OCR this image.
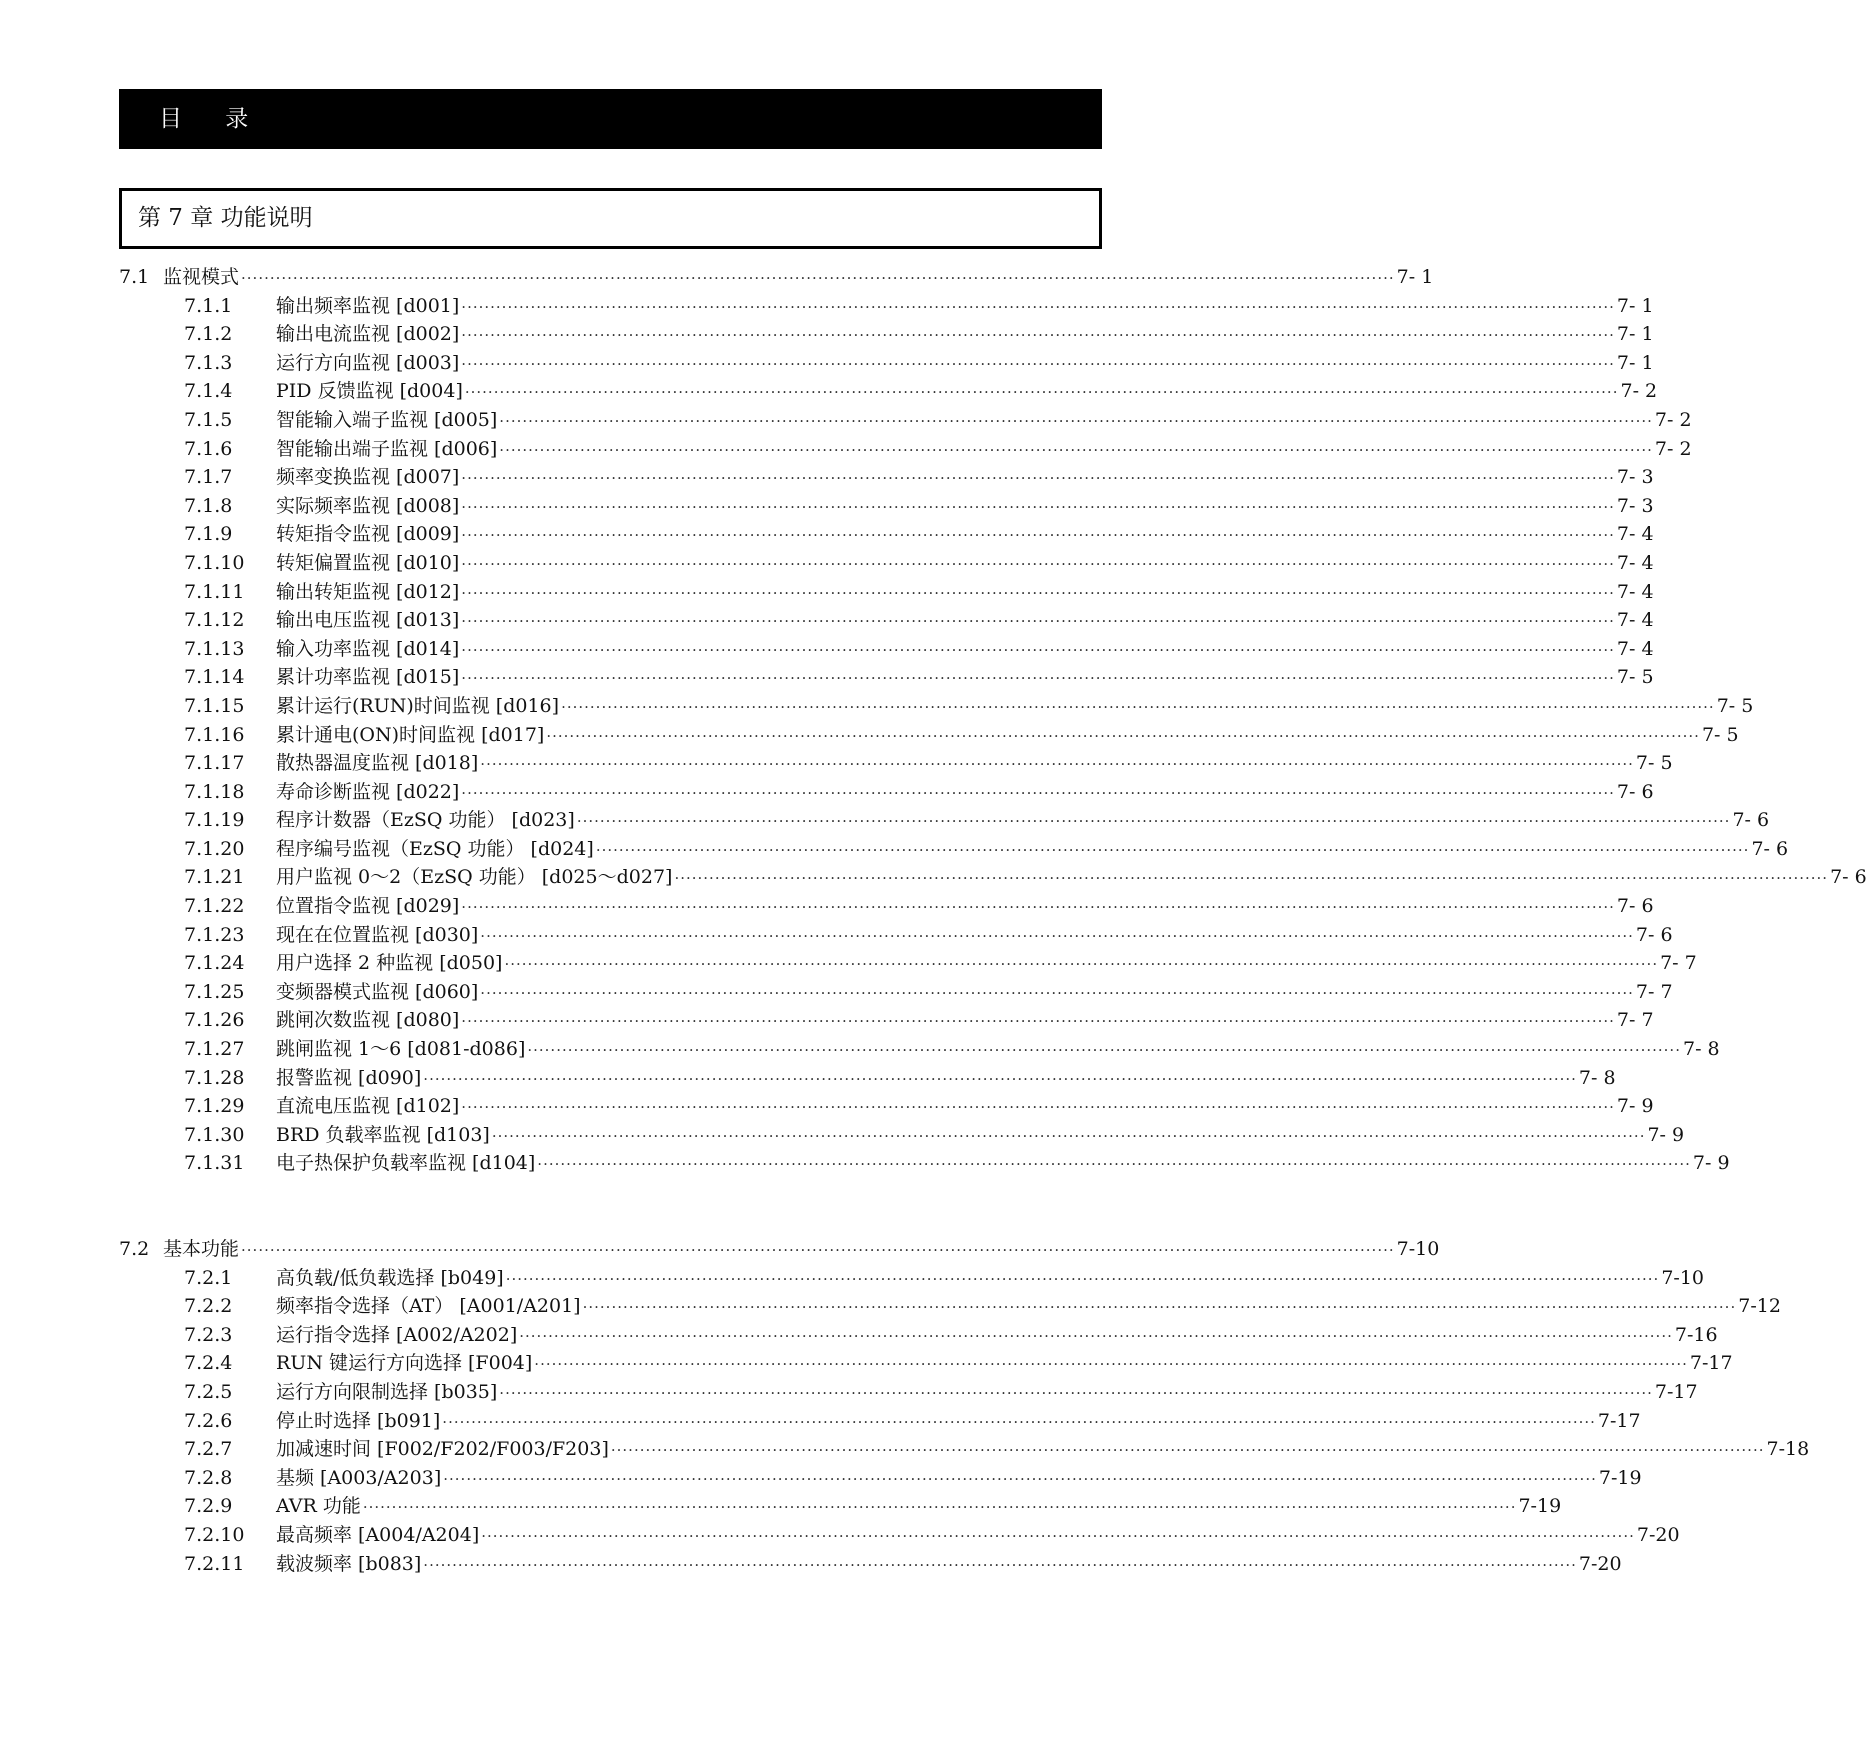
目 录
第 7 章 功能说明
7.1 监视模式 ········································································································································································································ 7- 1
7.1.1 输出频率监视 [d001] ········································································································································································································ 7- 1
7.1.2 输出电流监视 [d002] ········································································································································································································ 7- 1
7.1.3 运行方向监视 [d003] ········································································································································································································ 7- 1
7.1.4 PID 反馈监视 [d004] ········································································································································································································ 7- 2
7.1.5 智能输入端子监视 [d005] ········································································································································································································ 7- 2
7.1.6 智能输出端子监视 [d006] ········································································································································································································ 7- 2
7.1.7 频率变换监视 [d007] ········································································································································································································ 7- 3
7.1.8 实际频率监视 [d008] ········································································································································································································ 7- 3
7.1.9 转矩指令监视 [d009] ········································································································································································································ 7- 4
7.1.10 转矩偏置监视 [d010] ········································································································································································································ 7- 4
7.1.11 输出转矩监视 [d012] ········································································································································································································ 7- 4
7.1.12 输出电压监视 [d013] ········································································································································································································ 7- 4
7.1.13 输入功率监视 [d014] ········································································································································································································ 7- 4
7.1.14 累计功率监视 [d015] ········································································································································································································ 7- 5
7.1.15 累计运行(RUN)时间监视 [d016] ········································································································································································································ 7- 5
7.1.16 累计通电(ON)时间监视 [d017] ········································································································································································································ 7- 5
7.1.17 散热器温度监视 [d018] ········································································································································································································ 7- 5
7.1.18 寿命诊断监视 [d022] ········································································································································································································ 7- 6
7.1.19 程序计数器（EzSQ 功能） [d023] ········································································································································································································ 7- 6
7.1.20 程序编号监视（EzSQ 功能） [d024] ········································································································································································································ 7- 6
7.1.21 用户监视 0～2（EzSQ 功能） [d025～d027] ········································································································································································································ 7- 6
7.1.22 位置指令监视 [d029] ········································································································································································································ 7- 6
7.1.23 现在在位置监视 [d030] ········································································································································································································ 7- 6
7.1.24 用户选择 2 种监视 [d050] ········································································································································································································ 7- 7
7.1.25 变频器模式监视 [d060] ········································································································································································································ 7- 7
7.1.26 跳闸次数监视 [d080] ········································································································································································································ 7- 7
7.1.27 跳闸监视 1～6 [d081-d086] ········································································································································································································ 7- 8
7.1.28 报警监视 [d090] ········································································································································································································ 7- 8
7.1.29 直流电压监视 [d102] ········································································································································································································ 7- 9
7.1.30 BRD 负载率监视 [d103] ········································································································································································································ 7- 9
7.1.31 电子热保护负载率监视 [d104] ········································································································································································································ 7- 9
7.2 基本功能 ········································································································································································································ 7-10
7.2.1 高负载/低负载选择 [b049] ········································································································································································································ 7-10
7.2.2 频率指令选择（AT） [A001/A201] ········································································································································································································ 7-12
7.2.3 运行指令选择 [A002/A202] ········································································································································································································ 7-16
7.2.4 RUN 键运行方向选择 [F004] ········································································································································································································ 7-17
7.2.5 运行方向限制选择 [b035] ········································································································································································································ 7-17
7.2.6 停止时选择 [b091] ········································································································································································································ 7-17
7.2.7 加减速时间 [F002/F202/F003/F203] ········································································································································································································ 7-18
7.2.8 基频 [A003/A203] ········································································································································································································ 7-19
7.2.9 AVR 功能 ········································································································································································································ 7-19
7.2.10 最高频率 [A004/A204] ········································································································································································································ 7-20
7.2.11 载波频率 [b083] ········································································································································································································ 7-20
